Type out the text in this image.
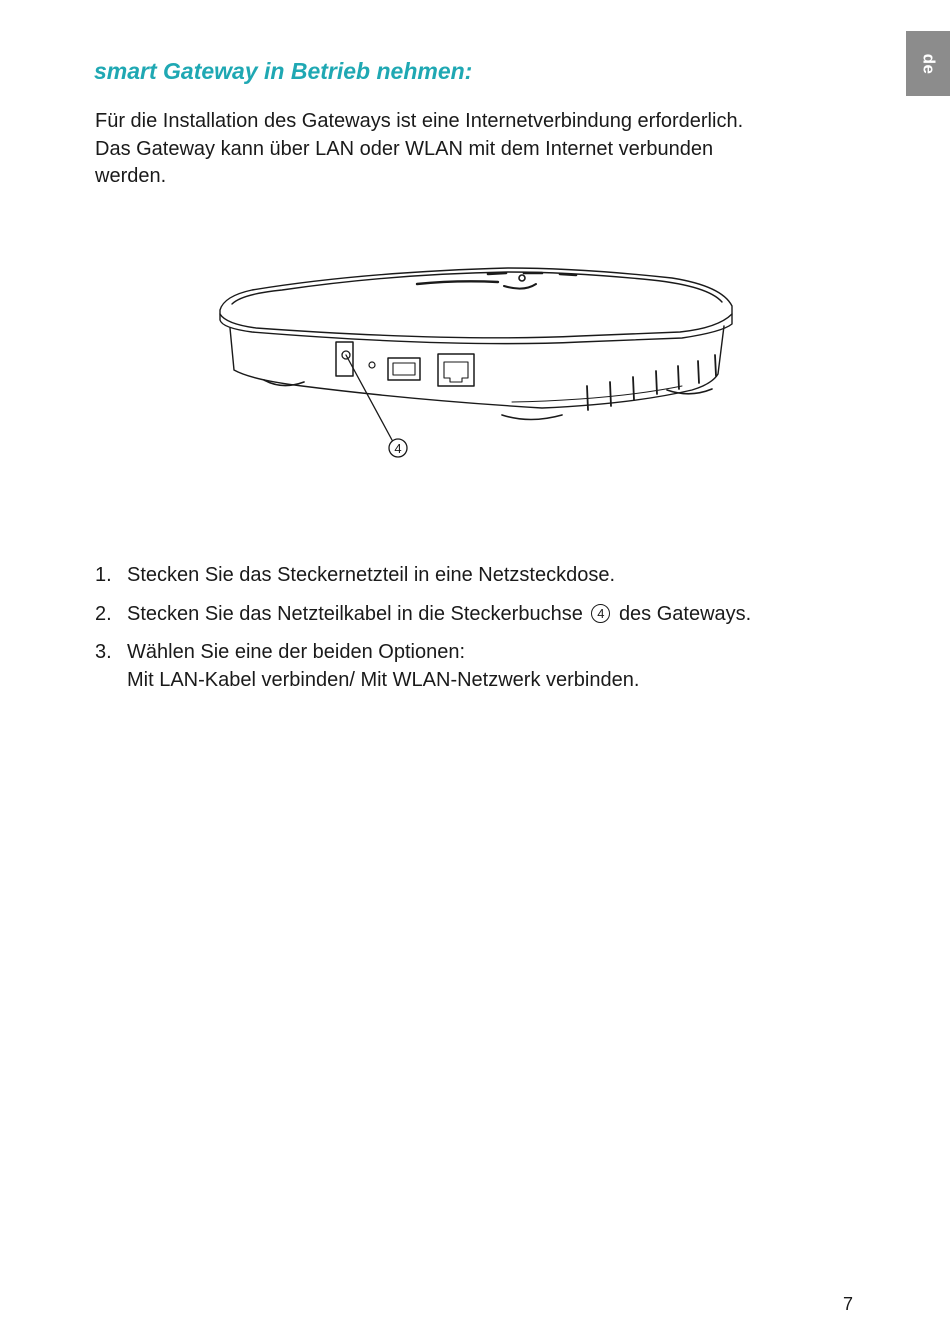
de
smart Gateway in Betrieb nehmen:

Für die Installation des Gateways ist eine Internetverbindung erforderlich.
Das Gateway kann über LAN oder WLAN mit dem Internet verbunden
werden.

4
1. Stecken Sie das Steckernetzteil in eine Netzsteckdose.
2. Stecken Sie das Netzteilkabel in die Steckerbuchse 4 des Gateways.
3. Wählen Sie eine der beiden Optionen:
Mit LAN-Kabel verbinden/ Mit WLAN-Netzwerk verbinden.
7
